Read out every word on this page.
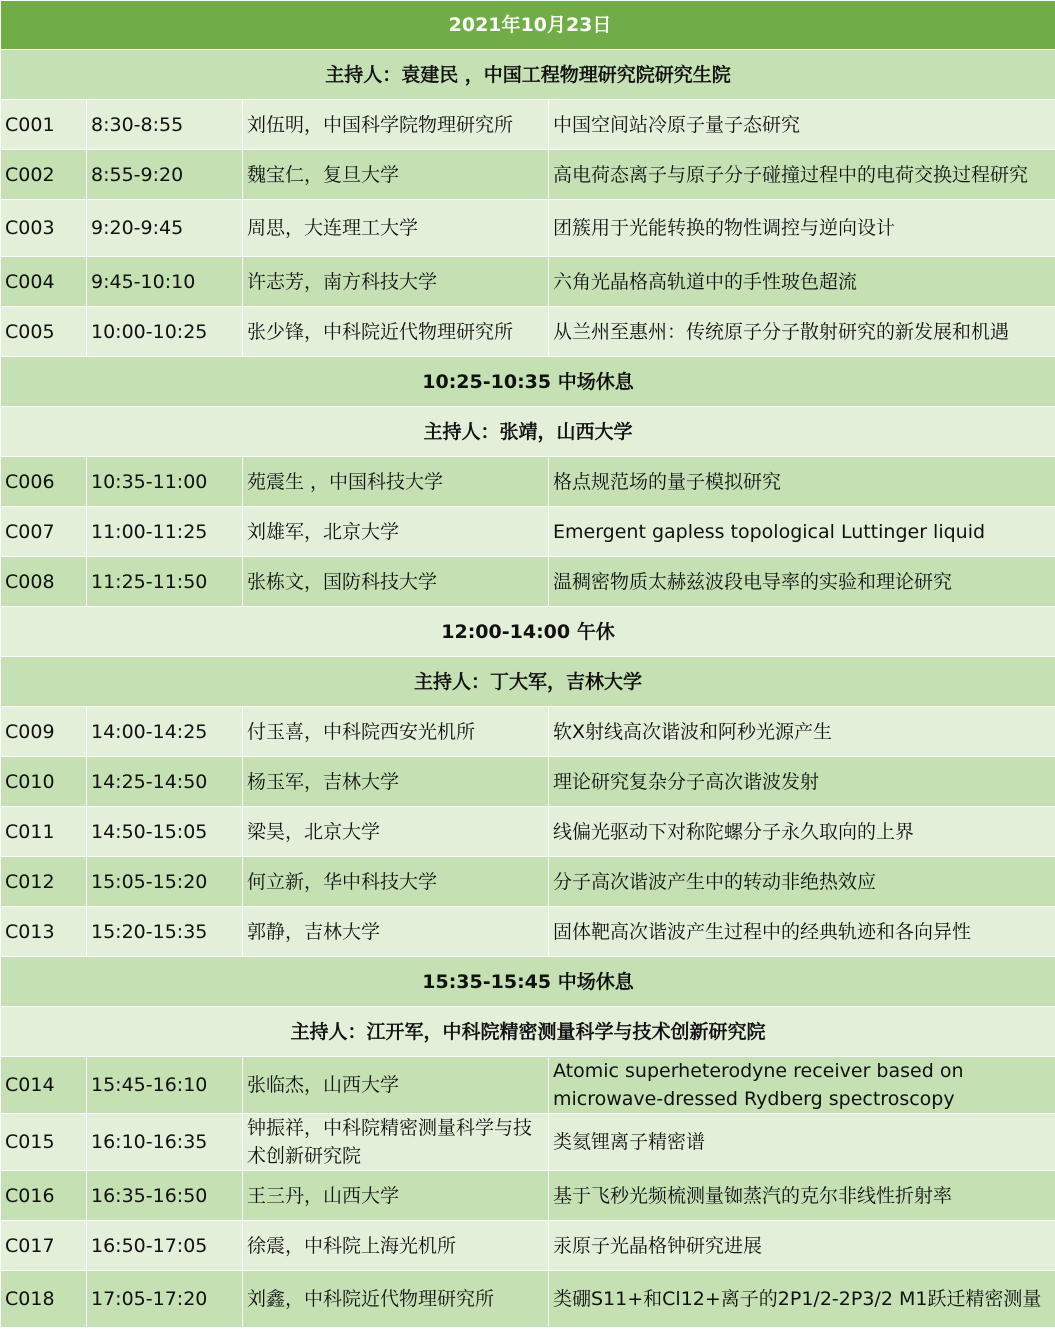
2021年10月23日			
主持人：袁建民 ，中国工程物理研究院研究生院			
C001	8:30-8:55	刘伍明，中国科学院物理研究所	中国空间站冷原子量子态研究
C002	8:55-9:20	魏宝仁，复旦大学	高电荷态离子与原子分子碰撞过程中的电荷交换过程研究
C003	9:20-9:45	周思，大连理工大学	团簇用于光能转换的物性调控与逆向设计
C004	9:45-10:10	许志芳，南方科技大学	六角光晶格高轨道中的手性玻色超流
C005	10:00-10:25	张少锋，中科院近代物理研究所	从兰州至惠州：传统原子分子散射研究的新发展和机遇
10:25-10:35 中场休息			
主持人：张靖，山西大学			
C006	10:35-11:00	苑震生 ，中国科技大学	格点规范场的量子模拟研究
C007	11:00-11:25	刘雄军，北京大学	Emergent gapless topological Luttinger liquid
C008	11:25-11:50	张栋文，国防科技大学	温稠密物质太赫兹波段电导率的实验和理论研究
12:00-14:00 午休			
主持人：丁大军，吉林大学			
C009	14:00-14:25	付玉喜，中科院西安光机所	软X射线高次谐波和阿秒光源产生
C010	14:25-14:50	杨玉军，吉林大学	理论研究复杂分子高次谐波发射
C011	14:50-15:05	梁昊，北京大学	线偏光驱动下对称陀螺分子永久取向的上界
C012	15:05-15:20	何立新，华中科技大学	分子高次谐波产生中的转动非绝热效应
C013	15:20-15:35	郭静，吉林大学	固体靶高次谐波产生过程中的经典轨迹和各向异性
15:35-15:45 中场休息			
主持人：江开军，中科院精密测量科学与技术创新研究院			
C014	15:45-16:10	张临杰，山西大学	Atomic superheterodyne receiver based on microwave-dressed Rydberg spectroscopy
C015	16:10-16:35	钟振祥，中科院精密测量科学与技术创新研究院	类氦锂离子精密谱
C016	16:35-16:50	王三丹，山西大学	基于飞秒光频梳测量铷蒸汽的克尔非线性折射率
C017	16:50-17:05	徐震，中科院上海光机所	汞原子光晶格钟研究进展
C018	17:05-17:20	刘鑫，中科院近代物理研究所	类硼S11+和Cl12+离子的2P1/2-2P3/2 M1跃迁精密测量
